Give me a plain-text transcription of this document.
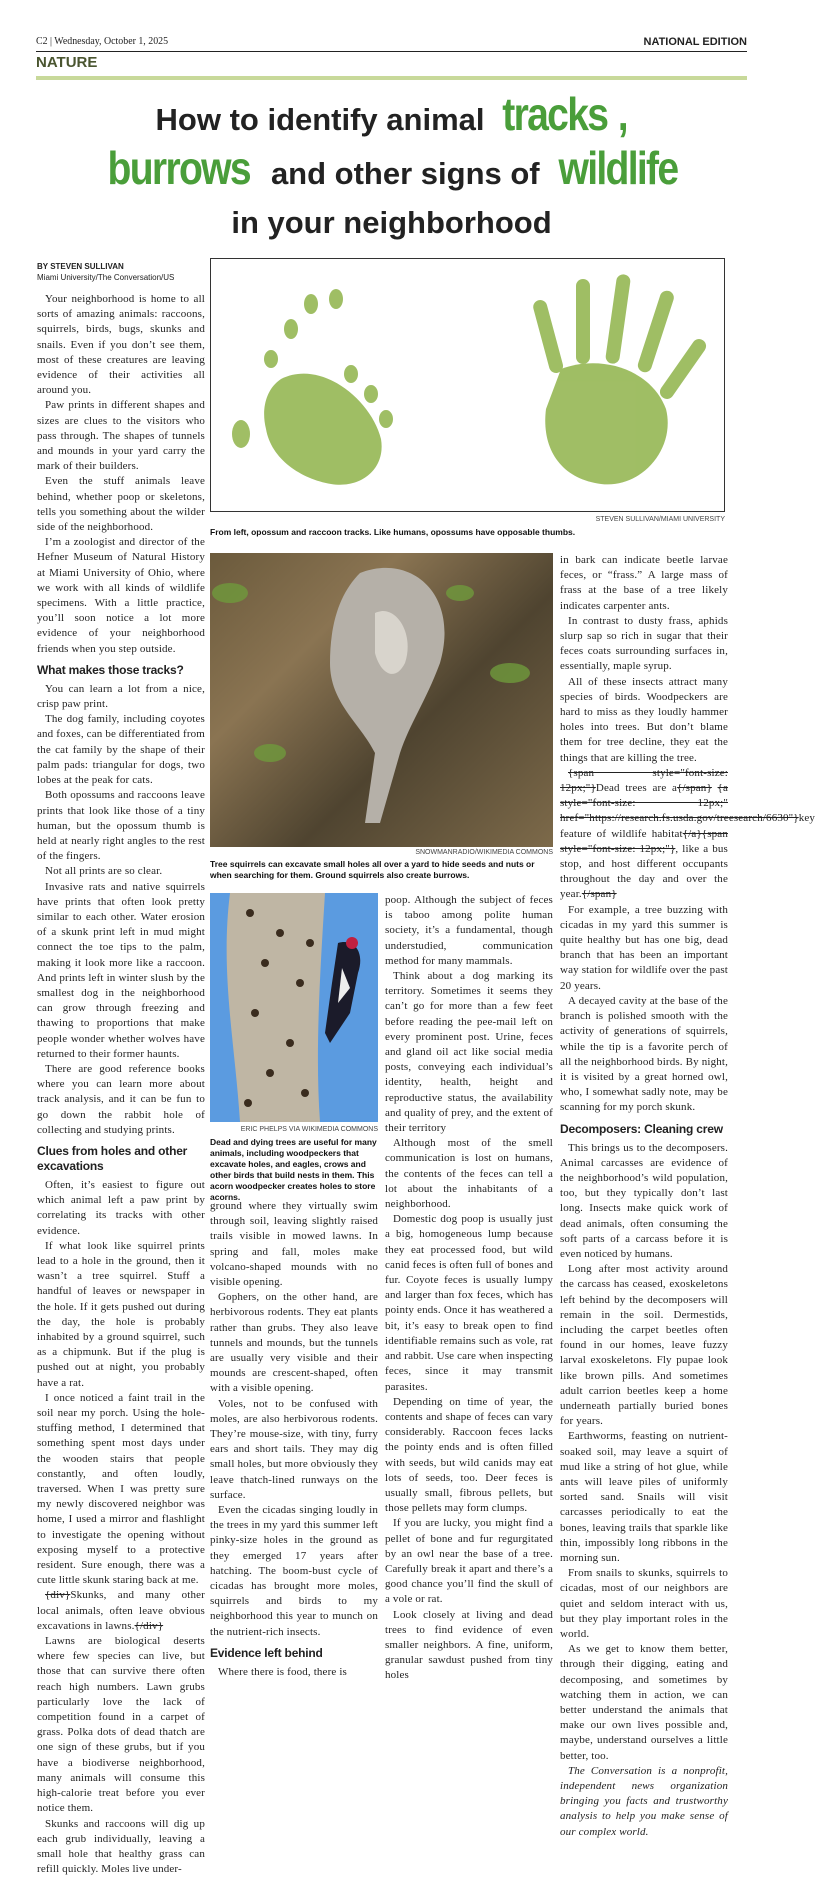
C2 | Wednesday, October 1, 2025	NATIONAL EDITION
NATURE
How to identify animal tracks ,
burrows and other signs of wildlife
in your neighborhood
BY STEVEN SULLIVAN
Miami University/The Conversation/US
STEVEN SULLIVAN/MIAMI UNIVERSITY
From left, opossum and raccoon tracks. Like humans, opossums have opposable thumbs.
SNOWMANRADIO/WIKIMEDIA COMMONS
Tree squirrels can excavate small holes all over a yard to hide seeds and nuts or when searching for them. Ground squirrels also create burrows.
ERIC PHELPS VIA WIKIMEDIA COMMONS
Dead and dying trees are useful for many animals, including woodpeckers that excavate holes, and eagles, crows and other birds that build nests in them. This acorn woodpecker creates holes to store acorns.

Your neighborhood is home to all sorts of amazing animals: raccoons, squirrels, birds, bugs, skunks and snails. Even if you don’t see them, most of these creatures are leaving evidence of their activities all around you.

Paw prints in different shapes and sizes are clues to the visitors who pass through. The shapes of tunnels and mounds in your yard carry the mark of their builders.

Even the stuff animals leave behind, whether poop or skeletons, tells you something about the wilder side of the neighborhood.

I’m a zoologist and director of the Hefner Museum of Natural History at Miami University of Ohio, where we work with all kinds of wildlife specimens. With a little practice, you’ll soon notice a lot more evidence of your neighborhood friends when you step outside.

What makes those tracks?

You can learn a lot from a nice, crisp paw print.

The dog family, including coyotes and foxes, can be differentiated from the cat family by the shape of their palm pads: triangular for dogs, two lobes at the peak for cats.

Both opossums and raccoons leave prints that look like those of a tiny human, but the opossum thumb is held at nearly right angles to the rest of the fingers.

Not all prints are so clear.

Invasive rats and native squirrels have prints that often look pretty similar to each other. Water erosion of a skunk print left in mud might connect the toe tips to the palm, making it look more like a raccoon. And prints left in winter slush by the smallest dog in the neighborhood can grow through freezing and thawing to proportions that make people wonder whether wolves have returned to their former haunts.

There are good reference books where you can learn more about track analysis, and it can be fun to go down the rabbit hole of collecting and studying prints.

Clues from holes and other excavations

Often, it’s easiest to figure out which animal left a paw print by correlating its tracks with other evidence.

If what look like squirrel prints lead to a hole in the ground, then it wasn’t a tree squirrel. Stuff a handful of leaves or newspaper in the hole. If it gets pushed out during the day, the hole is probably inhabited by a ground squirrel, such as a chipmunk. But if the plug is pushed out at night, you probably have a rat.

I once noticed a faint trail in the soil near my porch. Using the hole-stuffing method, I determined that something spent most days under the wooden stairs that people constantly, and often loudly, traversed. When I was pretty sure my newly discovered neighbor was home, I used a mirror and flashlight to investigate the opening without exposing myself to a protective resident. Sure enough, there was a cute little skunk staring back at me.

{div}Skunks, and many other local animals, often leave obvious excavations in lawns.{/div}

Lawns are biological deserts where few species can live, but those that can survive there often reach high numbers. Lawn grubs particularly love the lack of competition found in a carpet of grass. Polka dots of dead thatch are one sign of these grubs, but if you have a biodiverse neighborhood, many animals will consume this high-calorie treat before you ever notice them.

Skunks and raccoons will dig up each grub individually, leaving a small hole that healthy grass can refill quickly. Moles live under-

ground where they virtually swim through soil, leaving slightly raised trails visible in mowed lawns. In spring and fall, moles make volcano-shaped mounds with no visible opening.

Gophers, on the other hand, are herbivorous rodents. They eat plants rather than grubs. They also leave tunnels and mounds, but the tunnels are usually very visible and their mounds are crescent-shaped, often with a visible opening.

Voles, not to be confused with moles, are also herbivorous rodents. They’re mouse-size, with tiny, furry ears and short tails. They may dig small holes, but more obviously they leave thatch-lined runways on the surface.

Even the cicadas singing loudly in the trees in my yard this summer left pinky-size holes in the ground as they emerged 17 years after hatching. The boom-bust cycle of cicadas has brought more moles, squirrels and birds to my neighborhood this year to munch on the nutrient-rich insects.

Evidence left behind

Where there is food, there is

poop. Although the subject of feces is taboo among polite human society, it’s a fundamental, though understudied, communication method for many mammals.

Think about a dog marking its territory. Sometimes it seems they can’t go for more than a few feet before reading the pee-mail left on every prominent post. Urine, feces and gland oil act like social media posts, conveying each individual’s identity, health, height and reproductive status, the availability and quality of prey, and the extent of their territory

Although most of the smell communication is lost on humans, the contents of the feces can tell a lot about the inhabitants of a neighborhood.

Domestic dog poop is usually just a big, homogeneous lump because they eat processed food, but wild canid feces is often full of bones and fur. Coyote feces is usually lumpy and larger than fox feces, which has pointy ends. Once it has weathered a bit, it’s easy to break open to find identifiable remains such as vole, rat and rabbit. Use care when inspecting feces, since it may transmit parasites.

Depending on time of year, the contents and shape of feces can vary considerably. Raccoon feces lacks the pointy ends and is often filled with seeds, but wild canids may eat lots of seeds, too. Deer feces is usually small, fibrous pellets, but those pellets may form clumps.

If you are lucky, you might find a pellet of bone and fur regurgitated by an owl near the base of a tree. Carefully break it apart and there’s a good chance you’ll find the skull of a vole or rat.

Look closely at living and dead trees to find evidence of even smaller neighbors. A fine, uniform, granular sawdust pushed from tiny holes

in bark can indicate beetle larvae feces, or “frass.” A large mass of frass at the base of a tree likely indicates carpenter ants.

In contrast to dusty frass, aphids slurp sap so rich in sugar that their feces coats surrounding surfaces in, essentially, maple syrup.

All of these insects attract many species of birds. Woodpeckers are hard to miss as they loudly hammer holes into trees. But don’t blame them for tree decline, they eat the things that are killing the tree.

{span style="font-size: 12px;"}Dead trees are a{/span} {a style="font-size: 12px;" href="https://research.fs.usda.gov/treesearch/6630"}key feature of wildlife habitat{/a}{span style="font-size: 12px;"}, like a bus stop, and host different occupants throughout the day and over the year.{/span}

For example, a tree buzzing with cicadas in my yard this summer is quite healthy but has one big, dead branch that has been an important way station for wildlife over the past 20 years.

A decayed cavity at the base of the branch is polished smooth with the activity of generations of squirrels, while the tip is a favorite perch of all the neighborhood birds. By night, it is visited by a great horned owl, who, I somewhat sadly note, may be scanning for my porch skunk.

Decomposers: Cleaning crew

This brings us to the decomposers. Animal carcasses are evidence of the neighborhood’s wild population, too, but they typically don’t last long. Insects make quick work of dead animals, often consuming the soft parts of a carcass before it is even noticed by humans.

Long after most activity around the carcass has ceased, exoskeletons left behind by the decomposers will remain in the soil. Dermestids, including the carpet beetles often found in our homes, leave fuzzy larval exoskeletons. Fly pupae look like brown pills. And sometimes adult carrion beetles keep a home underneath partially buried bones for years.

Earthworms, feasting on nutrient-soaked soil, may leave a squirt of mud like a string of hot glue, while ants will leave piles of uniformly sorted sand. Snails will visit carcasses periodically to eat the bones, leaving trails that sparkle like thin, impossibly long ribbons in the morning sun.

From snails to skunks, squirrels to cicadas, most of our neighbors are quiet and seldom interact with us, but they play important roles in the world.

As we get to know them better, through their digging, eating and decomposing, and sometimes by watching them in action, we can better understand the animals that make our own lives possible and, maybe, understand ourselves a little better, too.

The Conversation is a nonprofit, independent news organization bringing you facts and trustworthy analysis to help you make sense of our complex world.
